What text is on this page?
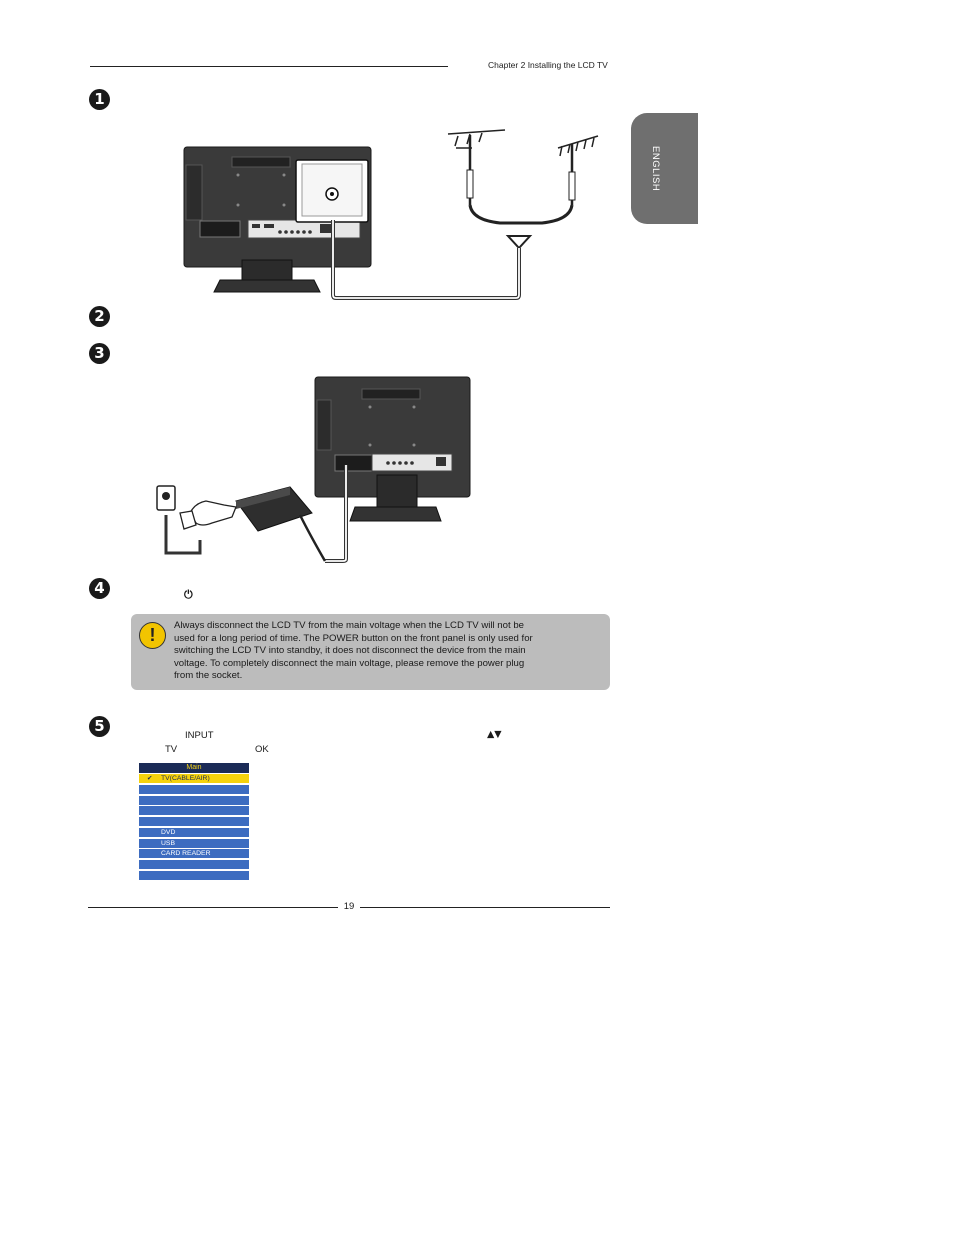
Chapter 2 Installing the LCD TV
ENGLISH
1
2
3
4
5
⏻
!	Always disconnect the LCD TV from the main voltage when the LCD TV will not be used for a long period of time. The POWER button on the front panel is only used for switching the LCD TV into standby, it does not disconnect the device from the main voltage. To completely disconnect the main voltage, please remove the power plug from the socket.
INPUT	▲▼
TV	OK
Main
✔ TV(CABLE/AIR)
DVD
USB
CARD READER
19
